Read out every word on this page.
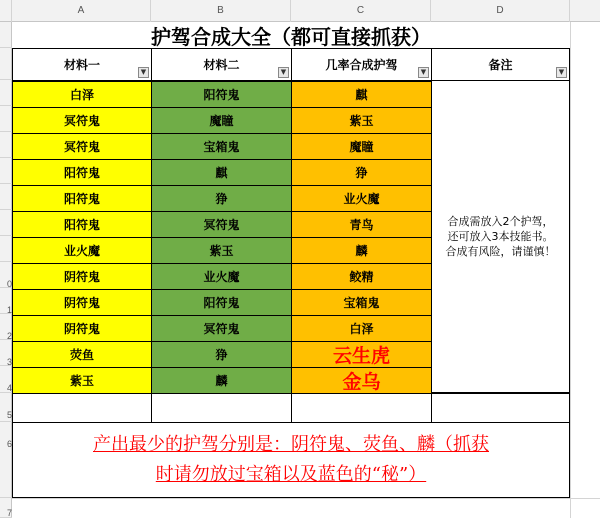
A	B	C	D
0
1
2
3
4
5
6
7
护驾合成大全（都可直接抓获）
材料一	▼	材料二	▼	几率合成护驾	▼	备注	▼
白泽	阳符鬼	麒
冥符鬼	魔瞳	紫玉
冥符鬼	宝箱鬼	魔瞳
阳符鬼	麒	狰
阳符鬼	狰	业火魔
阳符鬼	冥符鬼	青鸟
业火魔	紫玉	麟
阴符鬼	业火魔	鲛精
阴符鬼	阳符鬼	宝箱鬼
阴符鬼	冥符鬼	白泽
荧鱼	狰	云生虎
紫玉	麟	金乌
合成需放入2个护驾，
还可放入3本技能书。
合成有风险，请谨慎！
产出最少的护驾分别是：阴符鬼、荧鱼、麟（抓获
时请勿放过宝箱以及蓝色的“秘”）
